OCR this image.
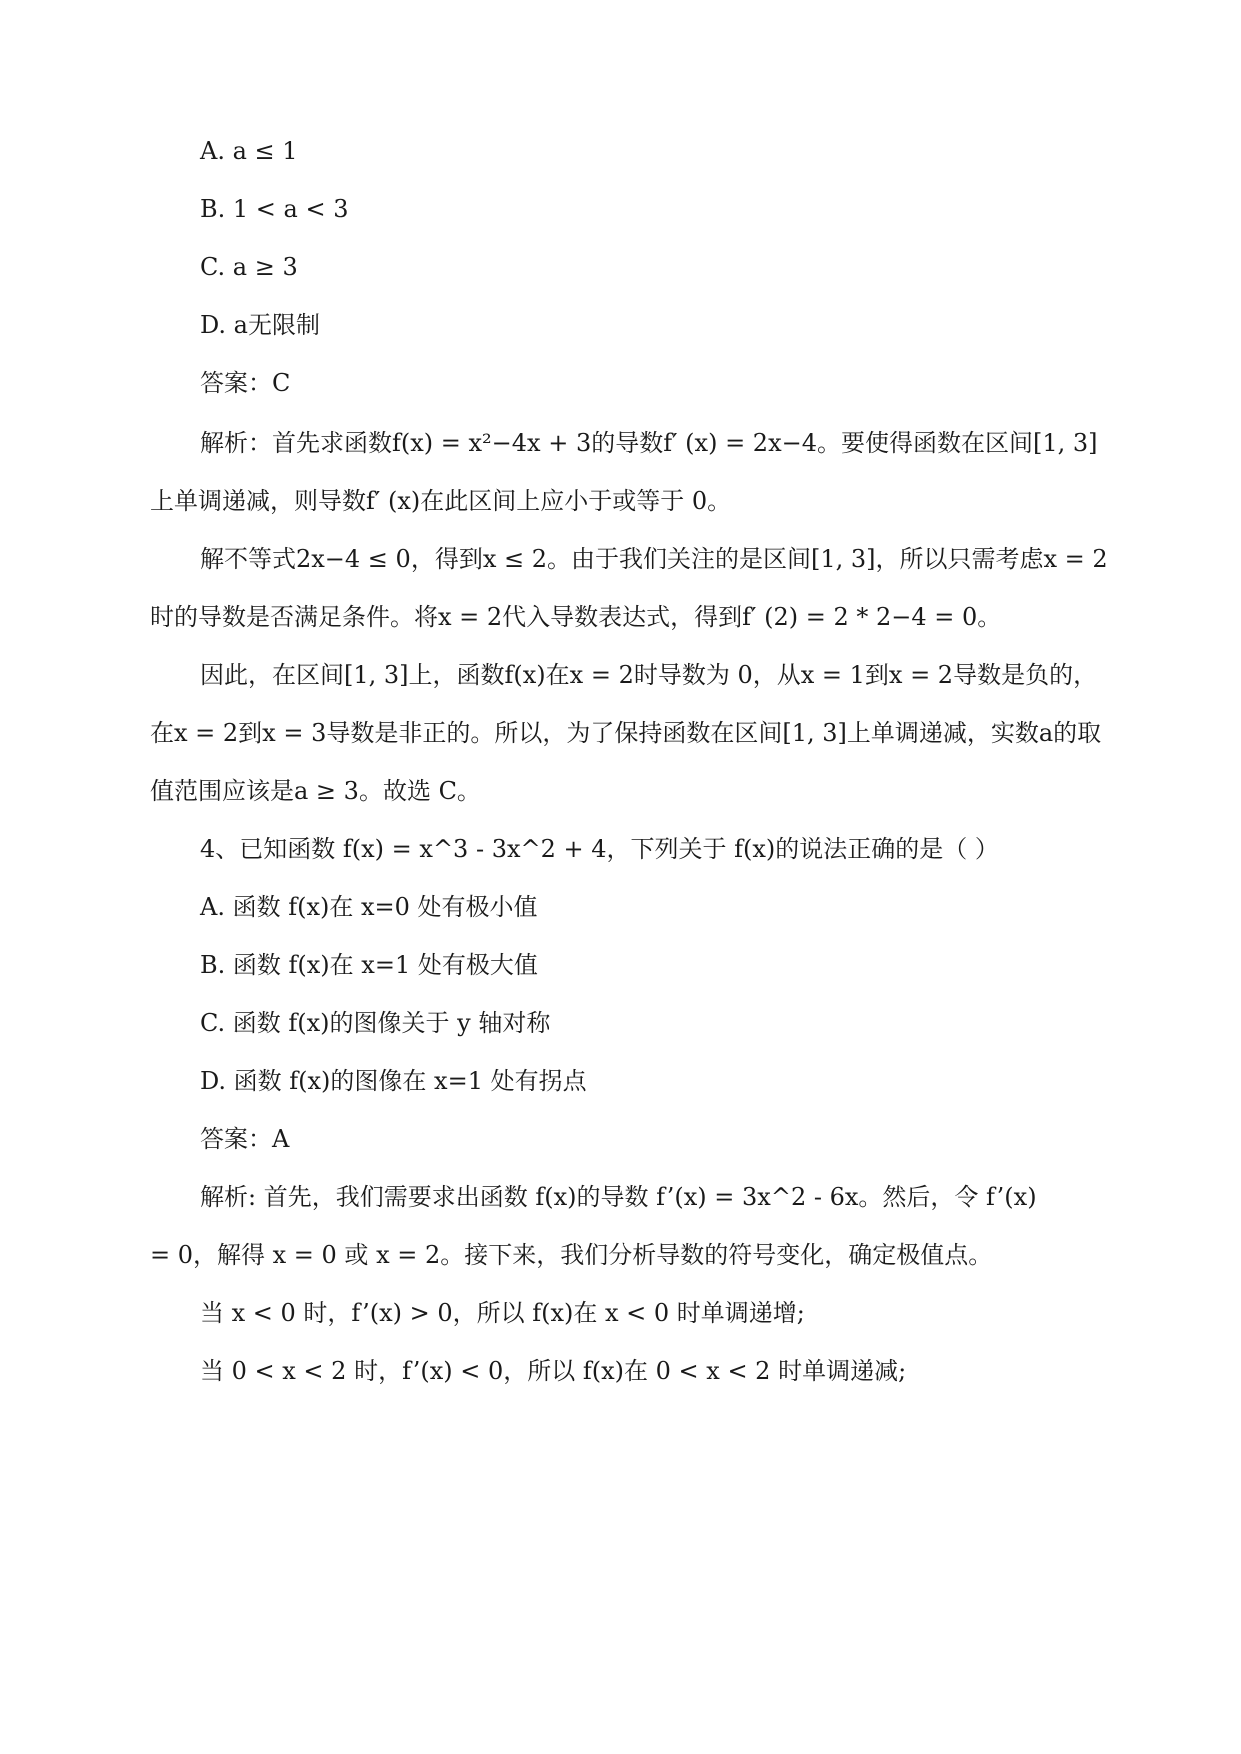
A. a ≤ 1
B. 1 < a < 3
C. a ≥ 3
D. a无限制
答案：C
解析：首先求函数f(x) = x²−4x + 3的导数f′ (x) = 2x−4。要使得函数在区间[1, 3]
上单调递减，则导数f′ (x)在此区间上应小于或等于 0。
解不等式2x−4 ≤ 0，得到x ≤ 2。由于我们关注的是区间[1, 3]，所以只需考虑x = 2
时的导数是否满足条件。将x = 2代入导数表达式，得到f′ (2) = 2 * 2−4 = 0。
因此，在区间[1, 3]上，函数f(x)在x = 2时导数为 0，从x = 1到x = 2导数是负的，
在x = 2到x = 3导数是非正的。所以，为了保持函数在区间[1, 3]上单调递减，实数a的取
值范围应该是a ≥ 3。故选 C。
4、已知函数 f(x) = x^3 - 3x^2 + 4，下列关于 f(x)的说法正确的是（ ）
A. 函数 f(x)在 x=0 处有极小值
B. 函数 f(x)在 x=1 处有极大值
C. 函数 f(x)的图像关于 y 轴对称
D. 函数 f(x)的图像在 x=1 处有拐点
答案：A
解析: 首先，我们需要求出函数 f(x)的导数 f’(x) = 3x^2 - 6x。然后，令 f’(x)
= 0，解得 x = 0 或 x = 2。接下来，我们分析导数的符号变化，确定极值点。
当 x < 0 时，f’(x) > 0，所以 f(x)在 x < 0 时单调递增;
当 0 < x < 2 时，f’(x) < 0，所以 f(x)在 0 < x < 2 时单调递减;
